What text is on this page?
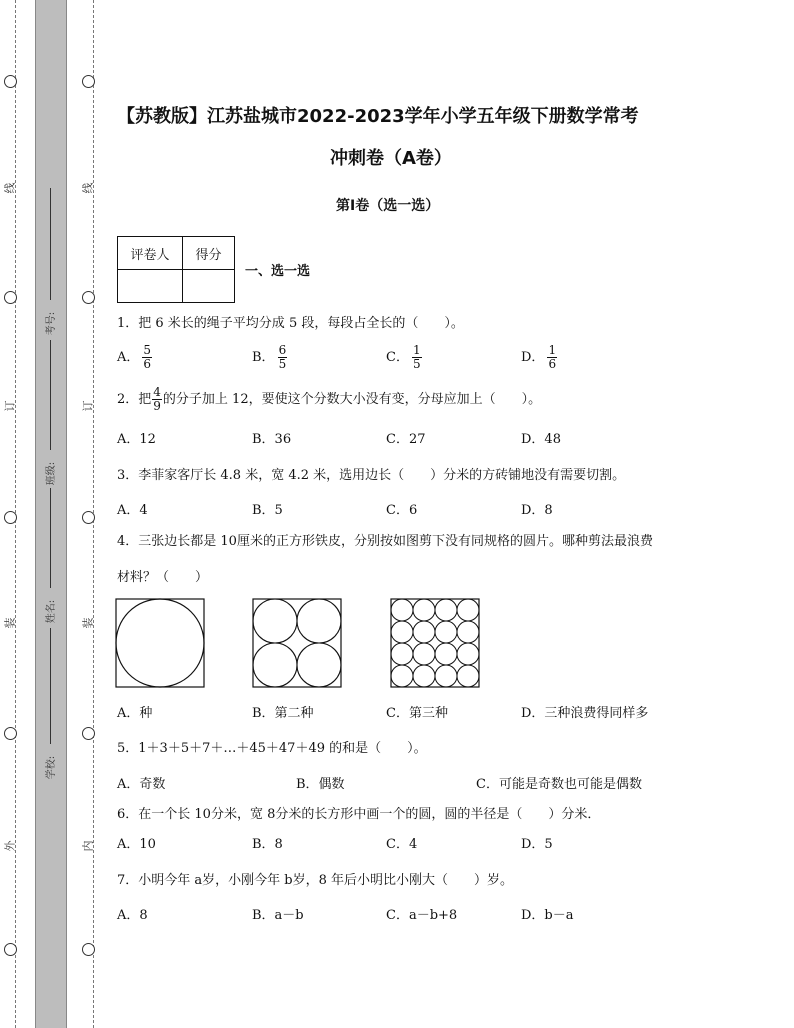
线
订
装
外
线
订
装
内
考号:
班级:
姓名:
学校:
【苏教版】江苏盐城市2022-2023学年小学五年级下册数学常考
冲刺卷（A卷）
第I卷（选一选）
评卷人	得分

一、选一选
1．把 6 米长的绳子平均分成 5 段，每段占全长的（　　）。
A． $\frac{5}{6}$	B． $\frac{6}{5}$	C． $\frac{1}{5}$	D． $\frac{1}{6}$
2．把 $\frac{4}{9}$ 的分子加上 12，要使这个分数大小没有变，分母应加上（　　）。
A．12	B．36	C．27	D．48
3．李菲家客厅长 4.8 米，宽 4.2 米，选用边长（　　）分米的方砖铺地没有需要切割。
A．4	B．5	C．6	D．8
4．三张边长都是 10厘米的正方形铁皮，分别按如图剪下没有同规格的圆片。哪种剪法最浪费
材料？（　　）
A．种	B．第二种	C．第三种	D．三种浪费得同样多
5．1＋3＋5＋7＋…＋45＋47＋49 的和是（　　）。
A．奇数	B．偶数	C．可能是奇数也可能是偶数
6．在一个长 10分米，宽 8分米的长方形中画一个的圆，圆的半径是（　　）分米．
A．10	B．8	C．4	D．5
7．小明今年 a岁，小刚今年 b岁，8 年后小明比小刚大（　　）岁。
A．8	B．a－b	C．a－b+8	D．b－a
